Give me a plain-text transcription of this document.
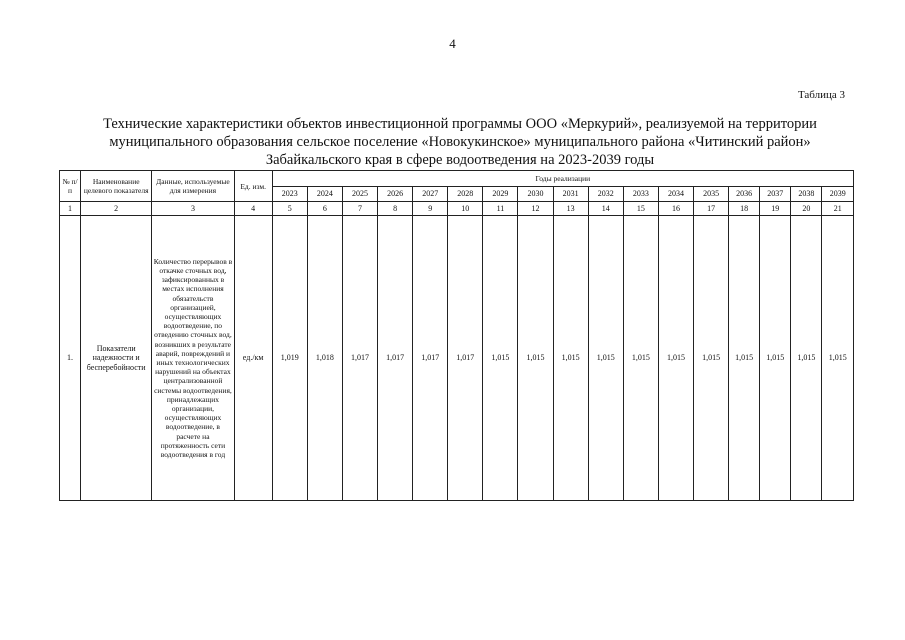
4
Таблица 3
Технические характеристики объектов инвестиционной программы ООО «Меркурий», реализуемой на территории
муниципального образования сельское поселение «Новокукинское» муниципального района «Читинский район»
Забайкальского края в сфере водоотведения на 2023-2039 годы
№ п/п	Наименование целевого показателя	Данные, используемые для измерения	Ед. изм.	Годы реализации																
				2023	2024	2025	2026	2027	2028	2029	2030	2031	2032	2033	2034	2035	2036	2037	2038	2039
1	2	3	4	5	6	7	8	9	10	11	12	13	14	15	16	17	18	19	20	21
1.	Показатели надежности и бесперебойности	Количество перерывов в откачке сточных вод, зафиксированных в местах исполнения обязательств организацией, осуществляющих водоотведение, по отведению сточных вод, возникших в результате аварий, повреждений и иных технологических нарушений на объектах централизованной системы водоотведения, принадлежащих организации, осуществляющих водоотведение, в расчете на протяженность сети водоотведения в год	ед./км	1,019	1,018	1,017	1,017	1,017	1,017	1,015	1,015	1,015	1,015	1,015	1,015	1,015	1,015	1,015	1,015	1,015
